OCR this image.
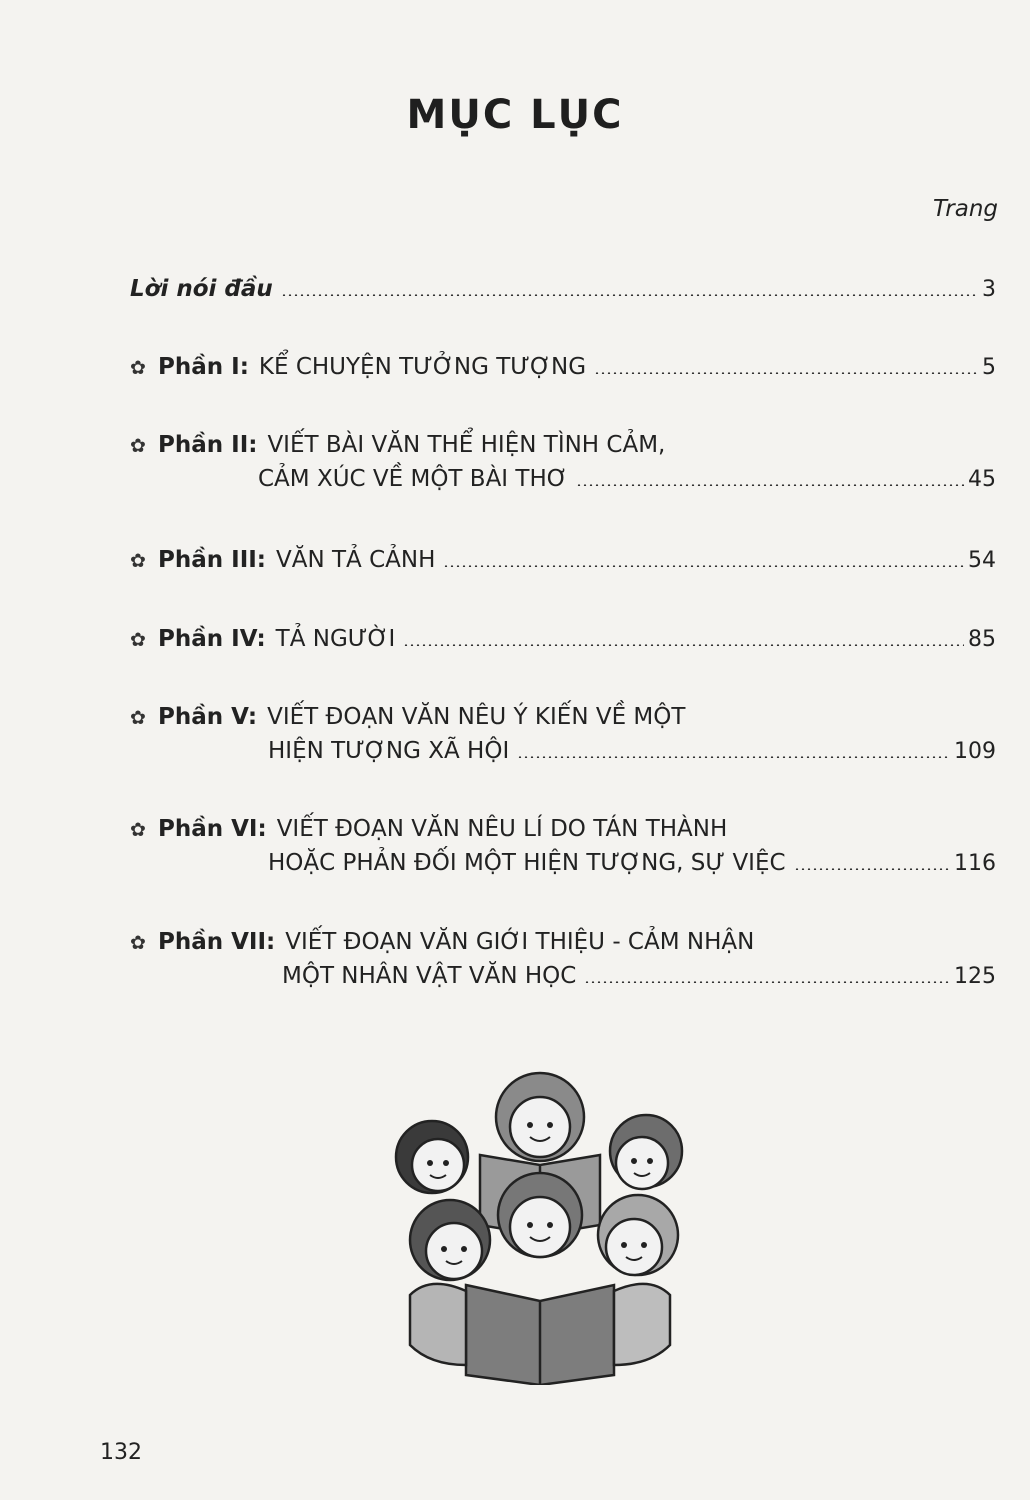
MỤC LỤC
Trang
Lời nói đầu	3
✿ Phần I: KỂ CHUYỆN TƯỞNG TƯỢNG	5
✿ Phần II: VIẾT BÀI VĂN THỂ HIỆN TÌNH CẢM,
CẢM XÚC VỀ MỘT BÀI THƠ	45
✿ Phần III: VĂN TẢ CẢNH	54
✿ Phần IV: TẢ NGƯỜI	85
✿ Phần V: VIẾT ĐOẠN VĂN NÊU Ý KIẾN VỀ MỘT
HIỆN TƯỢNG XÃ HỘI	109
✿ Phần VI: VIẾT ĐOẠN VĂN NÊU LÍ DO TÁN THÀNH
HOẶC PHẢN ĐỐI MỘT HIỆN TƯỢNG, SỰ VIỆC	116
✿ Phần VII: VIẾT ĐOẠN VĂN GIỚI THIỆU - CẢM NHẬN
MỘT NHÂN VẬT VĂN HỌC	125
132
